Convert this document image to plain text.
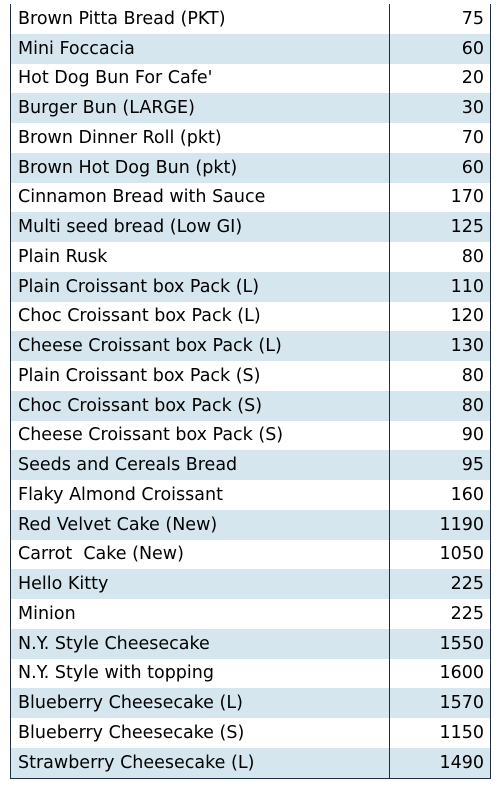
Brown Pitta Bread (PKT)	75
Mini Foccacia	60
Hot Dog Bun For Cafe'	20
Burger Bun (LARGE)	30
Brown Dinner Roll (pkt)	70
Brown Hot Dog Bun (pkt)	60
Cinnamon Bread with Sauce	170
Multi seed bread (Low GI)	125
Plain Rusk	80
Plain Croissant box Pack (L)	110
Choc Croissant box Pack (L)	120
Cheese Croissant box Pack (L)	130
Plain Croissant box Pack (S)	80
Choc Croissant box Pack (S)	80
Cheese Croissant box Pack (S)	90
Seeds and Cereals Bread	95
Flaky Almond Croissant	160
Red Velvet Cake (New)	1190
Carrot  Cake (New)	1050
Hello Kitty	225
Minion	225
N.Y. Style Cheesecake	1550
N.Y. Style with topping	1600
Blueberry Cheesecake (L)	1570
Blueberry Cheesecake (S)	1150
Strawberry Cheesecake (L)	1490
